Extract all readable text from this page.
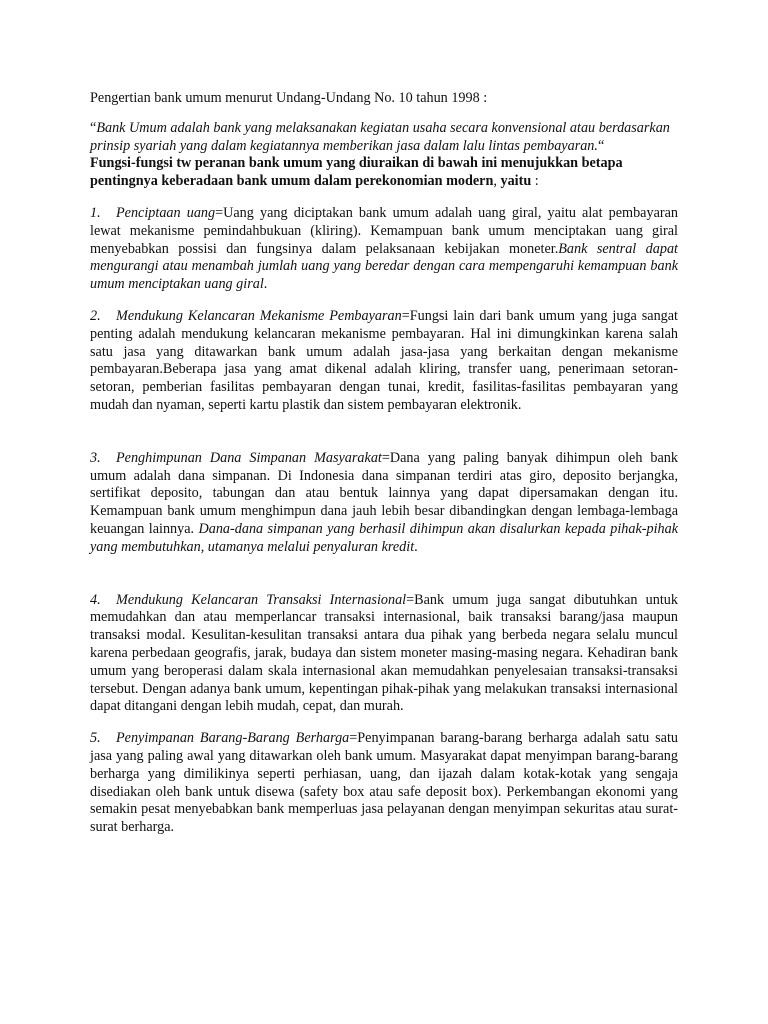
Pengertian bank umum menurut Undang-Undang No. 10 tahun 1998 :

“Bank Umum adalah bank yang melaksanakan kegiatan usaha secara konvensional atau berdasarkan prinsip syariah yang dalam kegiatannya memberikan jasa dalam lalu lintas pembayaran.“

Fungsi-fungsi tw peranan bank umum yang diuraikan di bawah ini menujukkan betapa pentingnya keberadaan bank umum dalam perekonomian modern, yaitu :

1. Penciptaan uang=Uang yang diciptakan bank umum adalah uang giral, yaitu alat pembayaran lewat mekanisme pemindahbukuan (kliring). Kemampuan bank umum menciptakan uang giral menyebabkan possisi dan fungsinya dalam pelaksanaan kebijakan moneter.Bank sentral dapat mengurangi atau menambah jumlah uang yang beredar dengan cara mempengaruhi kemampuan bank umum menciptakan uang giral.

2. Mendukung Kelancaran Mekanisme Pembayaran=Fungsi lain dari bank umum yang juga sangat penting adalah mendukung kelancaran mekanisme pembayaran. Hal ini dimungkinkan karena salah satu jasa yang ditawarkan bank umum adalah jasa-jasa yang berkaitan dengan mekanisme pembayaran.Beberapa jasa yang amat dikenal adalah kliring, transfer uang, penerimaan setoran-setoran, pemberian fasilitas pembayaran dengan tunai, kredit, fasilitas-fasilitas pembayaran yang mudah dan nyaman, seperti kartu plastik dan sistem pembayaran elektronik.

3. Penghimpunan Dana Simpanan Masyarakat=Dana yang paling banyak dihimpun oleh bank umum adalah dana simpanan. Di Indonesia dana simpanan terdiri atas giro, deposito berjangka, sertifikat deposito, tabungan dan atau bentuk lainnya yang dapat dipersamakan dengan itu. Kemampuan bank umum menghimpun dana jauh lebih besar dibandingkan dengan lembaga-lembaga keuangan lainnya. Dana-dana simpanan yang berhasil dihimpun akan disalurkan kepada pihak-pihak yang membutuhkan, utamanya melalui penyaluran kredit.

4. Mendukung Kelancaran Transaksi Internasional=Bank umum juga sangat dibutuhkan untuk memudahkan dan atau memperlancar transaksi internasional, baik transaksi barang/jasa maupun transaksi modal. Kesulitan-kesulitan transaksi antara dua pihak yang berbeda negara selalu muncul karena perbedaan geografis, jarak, budaya dan sistem moneter masing-masing negara. Kehadiran bank umum yang beroperasi dalam skala internasional akan memudahkan penyelesaian transaksi-transaksi tersebut. Dengan adanya bank umum, kepentingan pihak-pihak yang melakukan transaksi internasional dapat ditangani dengan lebih mudah, cepat, dan murah.

5. Penyimpanan Barang-Barang Berharga=Penyimpanan barang-barang berharga adalah satu satu jasa yang paling awal yang ditawarkan oleh bank umum. Masyarakat dapat menyimpan barang-barang berharga yang dimilikinya seperti perhiasan, uang, dan ijazah dalam kotak-kotak yang sengaja disediakan oleh bank untuk disewa (safety box atau safe deposit box). Perkembangan ekonomi yang semakin pesat menyebabkan bank memperluas jasa pelayanan dengan menyimpan sekuritas atau surat-surat berharga.
